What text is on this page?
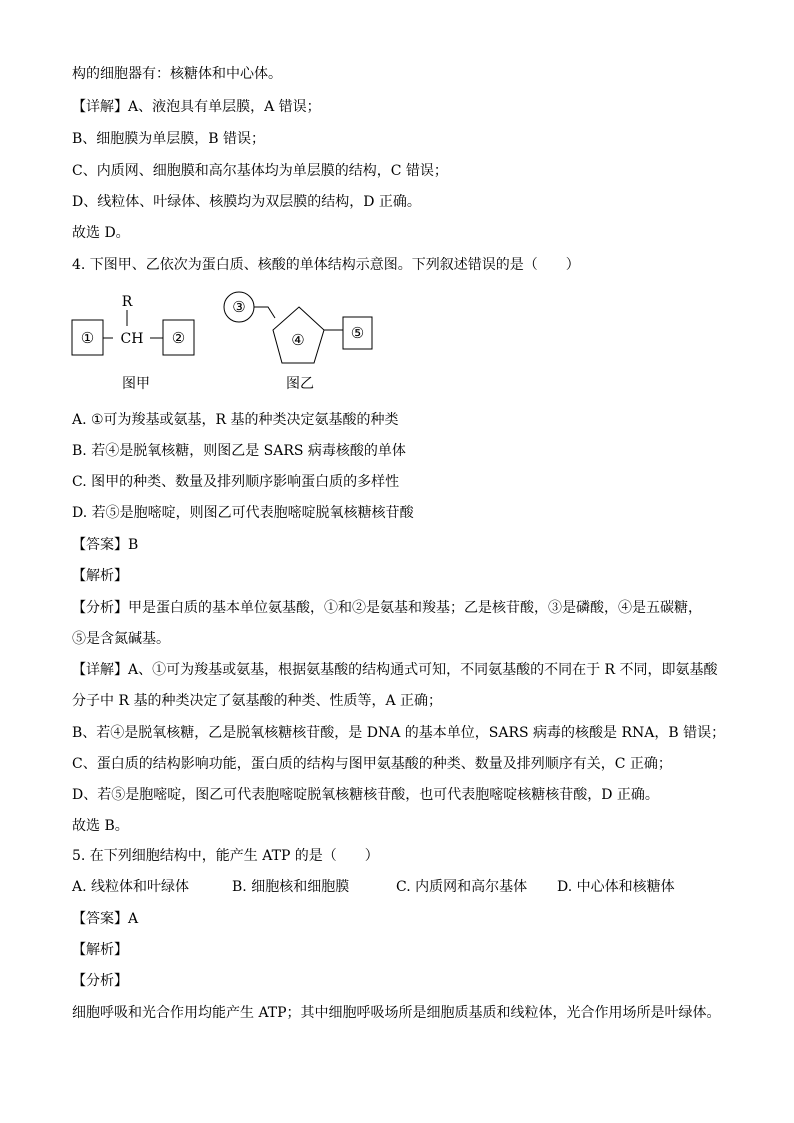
构的细胞器有：核糖体和中心体。
【详解】A、液泡具有单层膜，A 错误；
B、细胞膜为单层膜，B 错误；
C、内质网、细胞膜和高尔基体均为单层膜的结构，C 错误；
D、线粒体、叶绿体、核膜均为双层膜的结构，D 正确。
故选 D。
4. 下图甲、乙依次为蛋白质、核酸的单体结构示意图。下列叙述错误的是（　　）
R
① CH ②
图甲
③
④	⑤
图乙
A. ①可为羧基或氨基，R 基的种类决定氨基酸的种类
B. 若④是脱氧核糖，则图乙是 SARS 病毒核酸的单体
C. 图甲的种类、数量及排列顺序影响蛋白质的多样性
D. 若⑤是胞嘧啶，则图乙可代表胞嘧啶脱氧核糖核苷酸
【答案】B
【解析】
【分析】甲是蛋白质的基本单位氨基酸，①和②是氨基和羧基；乙是核苷酸，③是磷酸，④是五碳糖，
⑤是含氮碱基。
【详解】A、①可为羧基或氨基，根据氨基酸的结构通式可知，不同氨基酸的不同在于 R 不同，即氨基酸
分子中 R 基的种类决定了氨基酸的种类、性质等，A 正确；
B、若④是脱氧核糖，乙是脱氧核糖核苷酸，是 DNA 的基本单位，SARS 病毒的核酸是 RNA，B 错误；
C、蛋白质的结构影响功能，蛋白质的结构与图甲氨基酸的种类、数量及排列顺序有关，C 正确；
D、若⑤是胞嘧啶，图乙可代表胞嘧啶脱氧核糖核苷酸，也可代表胞嘧啶核糖核苷酸，D 正确。
故选 B。
5. 在下列细胞结构中，能产生 ATP 的是（　　）
A. 线粒体和叶绿体	B. 细胞核和细胞膜	C. 内质网和高尔基体 D. 中心体和核糖体
【答案】A
【解析】
【分析】
细胞呼吸和光合作用均能产生 ATP；其中细胞呼吸场所是细胞质基质和线粒体，光合作用场所是叶绿体。
